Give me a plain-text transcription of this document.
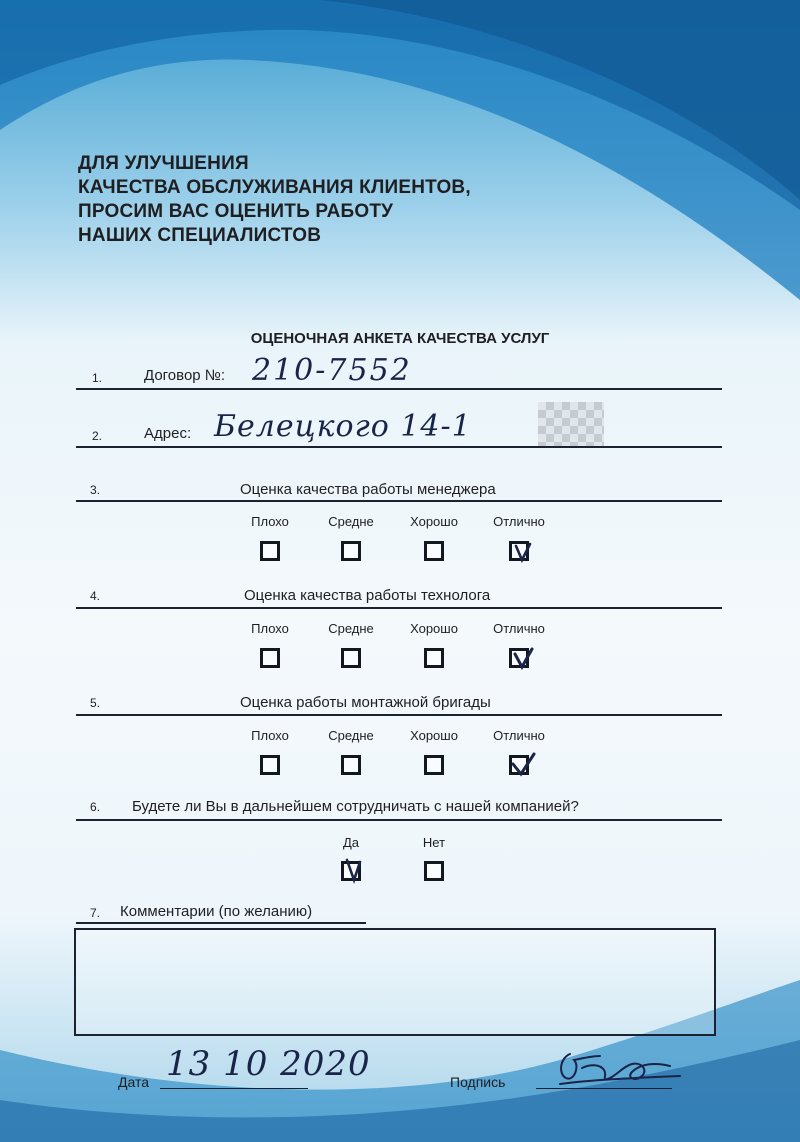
ДЛЯ УЛУЧШЕНИЯ
КАЧЕСТВА ОБСЛУЖИВАНИЯ КЛИЕНТОВ,
ПРОСИМ ВАС ОЦЕНИТЬ РАБОТУ
НАШИХ СПЕЦИАЛИСТОВ
ОЦЕНОЧНАЯ АНКЕТА КАЧЕСТВА УСЛУГ
1.	Договор №: 210-7552
2.	Адрес: Белецкого 14-1
3.	Оценка качества работы менеджера
Плохо	Средне	Хорошо	Отлично
4.	Оценка качества работы технолога
Плохо	Средне	Хорошо	Отлично
5.	Оценка работы монтажной бригады
Плохо	Средне	Хорошо	Отлично
6. Будете ли Вы в дальнейшем сотрудничать с нашей компанией?
Да	Нет
7. Комментарии (по желанию)
Дата 13 10 2020	Подпись
